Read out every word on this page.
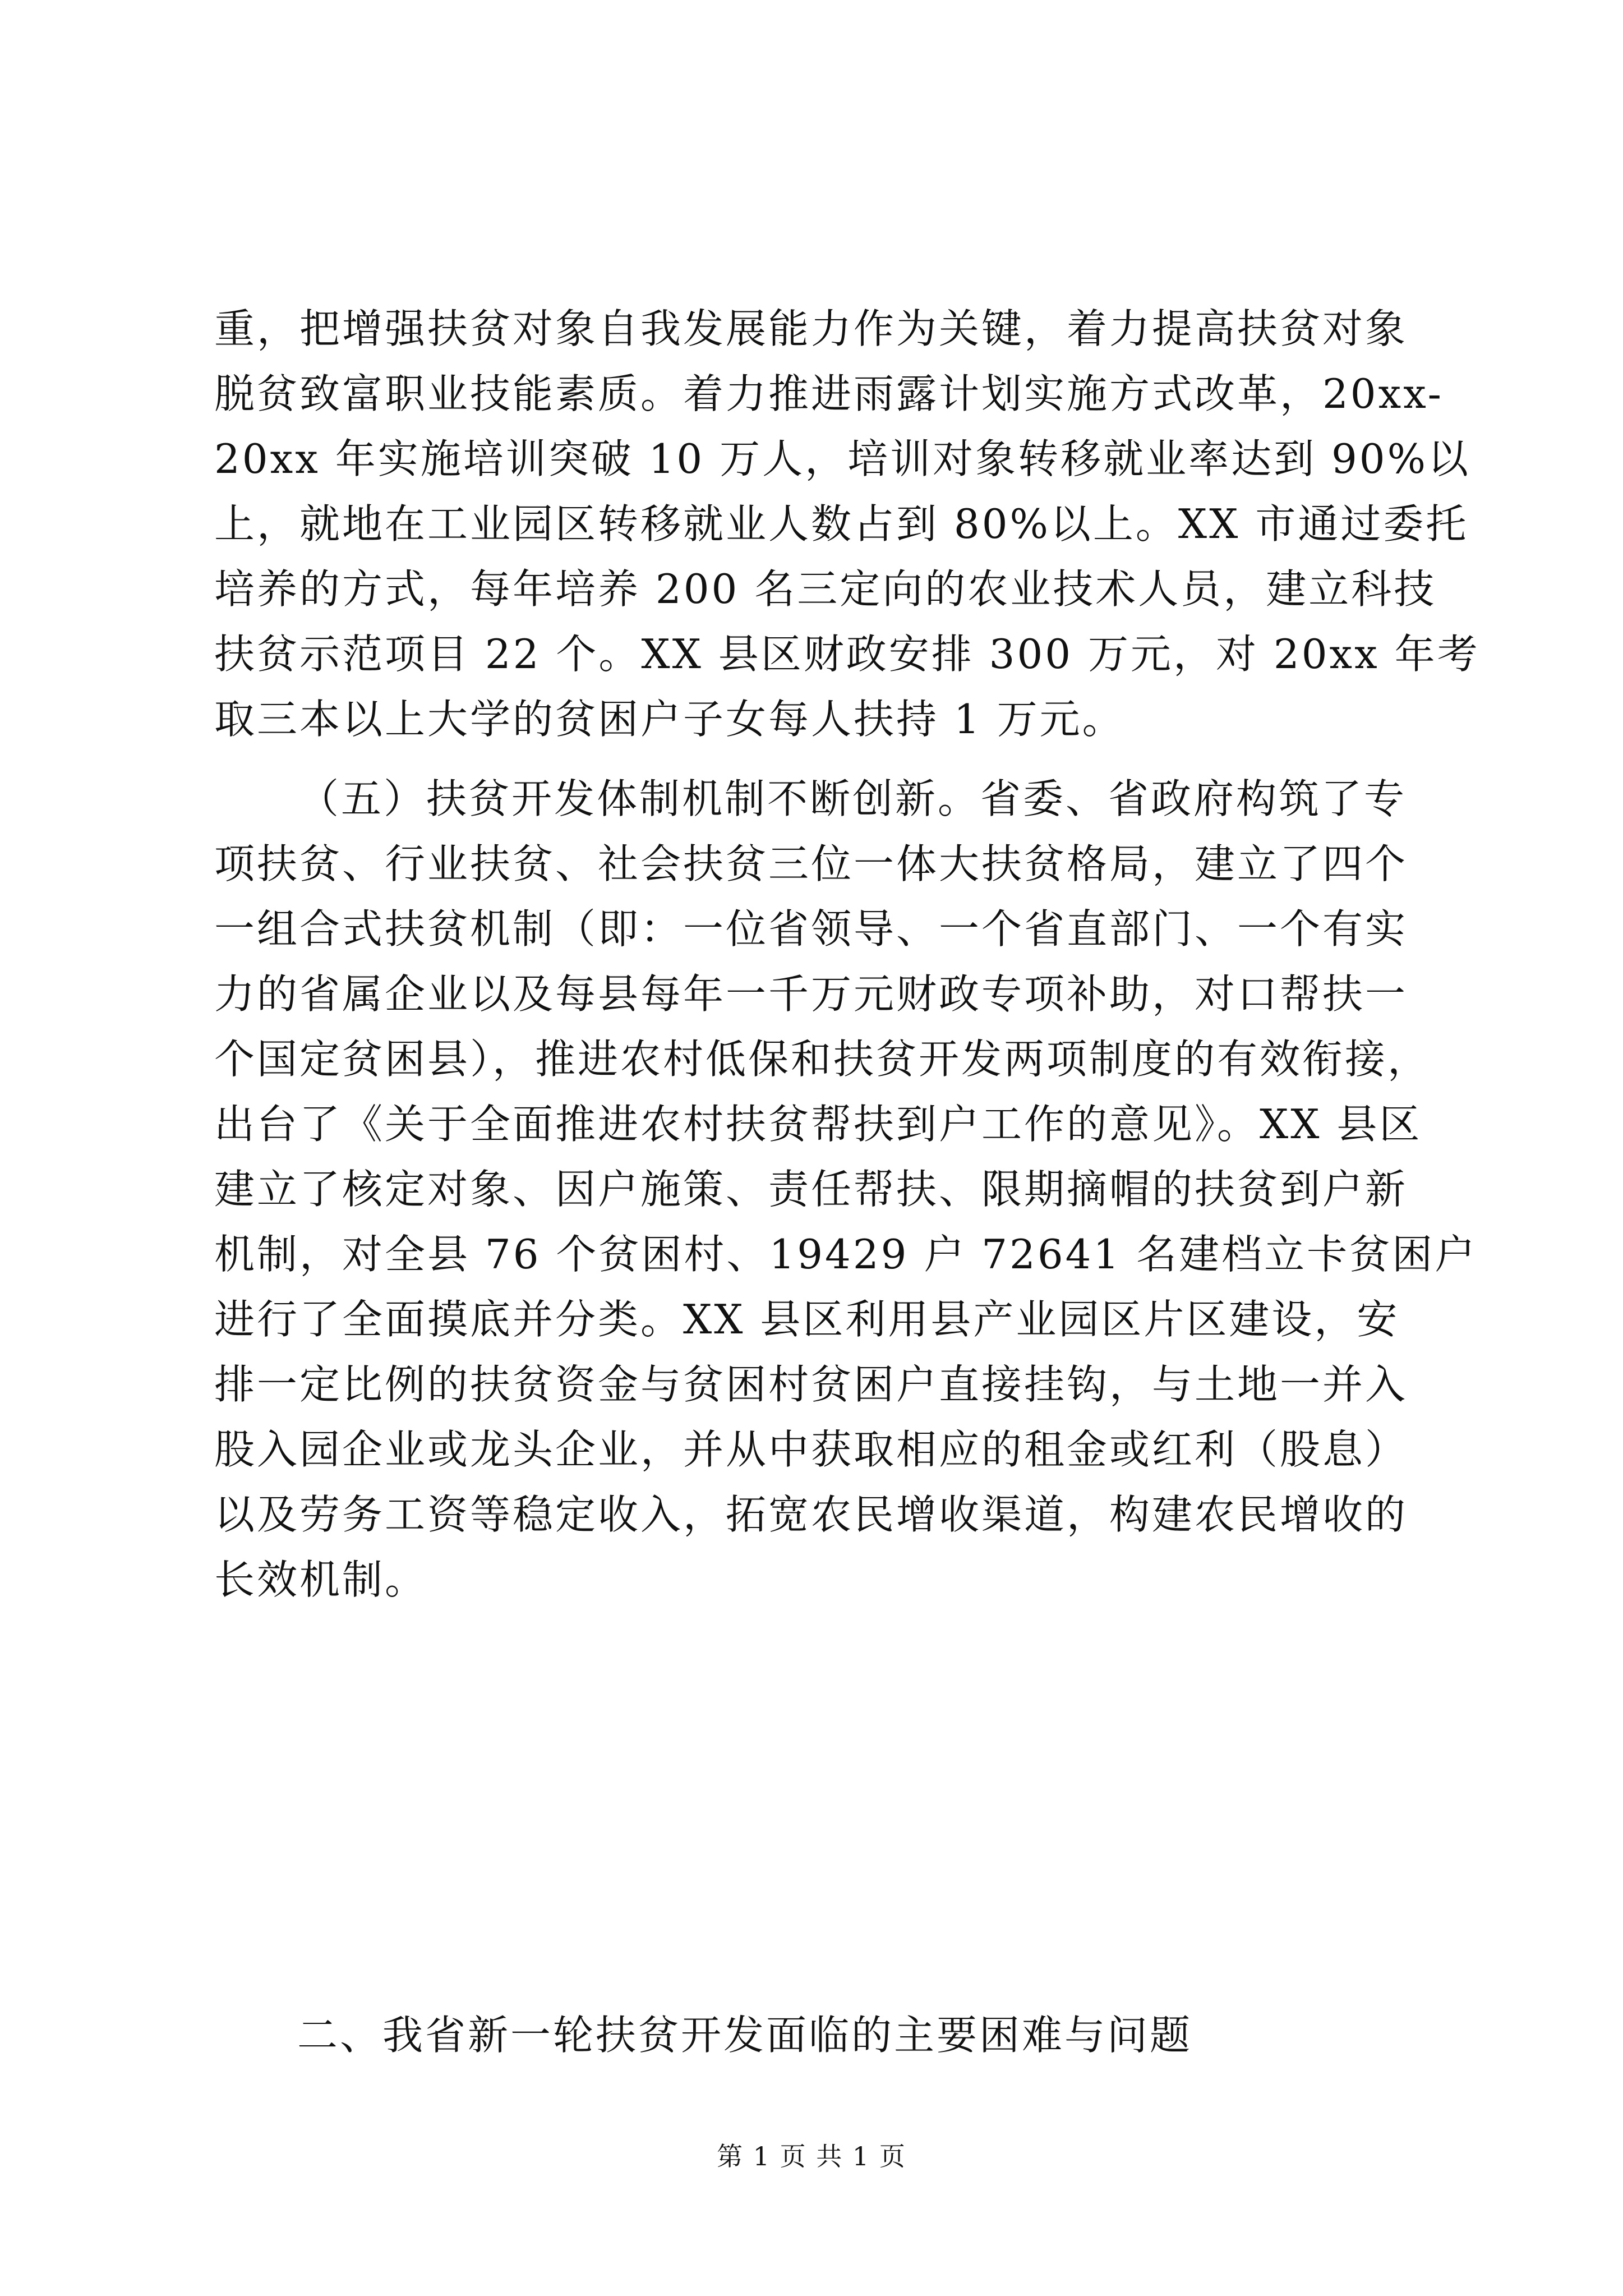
重，把增强扶贫对象自我发展能力作为关键，着力提高扶贫对象
脱贫致富职业技能素质。着力推进雨露计划实施方式改革，20xx-
20xx 年实施培训突破 10 万人，培训对象转移就业率达到 90%以
上，就地在工业园区转移就业人数占到 80%以上。XX 市通过委托
培养的方式，每年培养 200 名三定向的农业技术人员，建立科技
扶贫示范项目 22 个。XX 县区财政安排 300 万元，对 20xx 年考
取三本以上大学的贫困户子女每人扶持 1 万元。
（五）扶贫开发体制机制不断创新。省委、省政府构筑了专
项扶贫、行业扶贫、社会扶贫三位一体大扶贫格局，建立了四个
一组合式扶贫机制（即：一位省领导、一个省直部门、一个有实
力的省属企业以及每县每年一千万元财政专项补助，对口帮扶一
个国定贫困县），推进农村低保和扶贫开发两项制度的有效衔接，
出台了《关于全面推进农村扶贫帮扶到户工作的意见》。XX 县区
建立了核定对象、因户施策、责任帮扶、限期摘帽的扶贫到户新
机制，对全县 76 个贫困村、19429 户 72641 名建档立卡贫困户
进行了全面摸底并分类。XX 县区利用县产业园区片区建设，安
排一定比例的扶贫资金与贫困村贫困户直接挂钩，与土地一并入
股入园企业或龙头企业，并从中获取相应的租金或红利（股息）
以及劳务工资等稳定收入，拓宽农民增收渠道，构建农民增收的
长效机制。
二、我省新一轮扶贫开发面临的主要困难与问题
第 1 页 共 1 页
